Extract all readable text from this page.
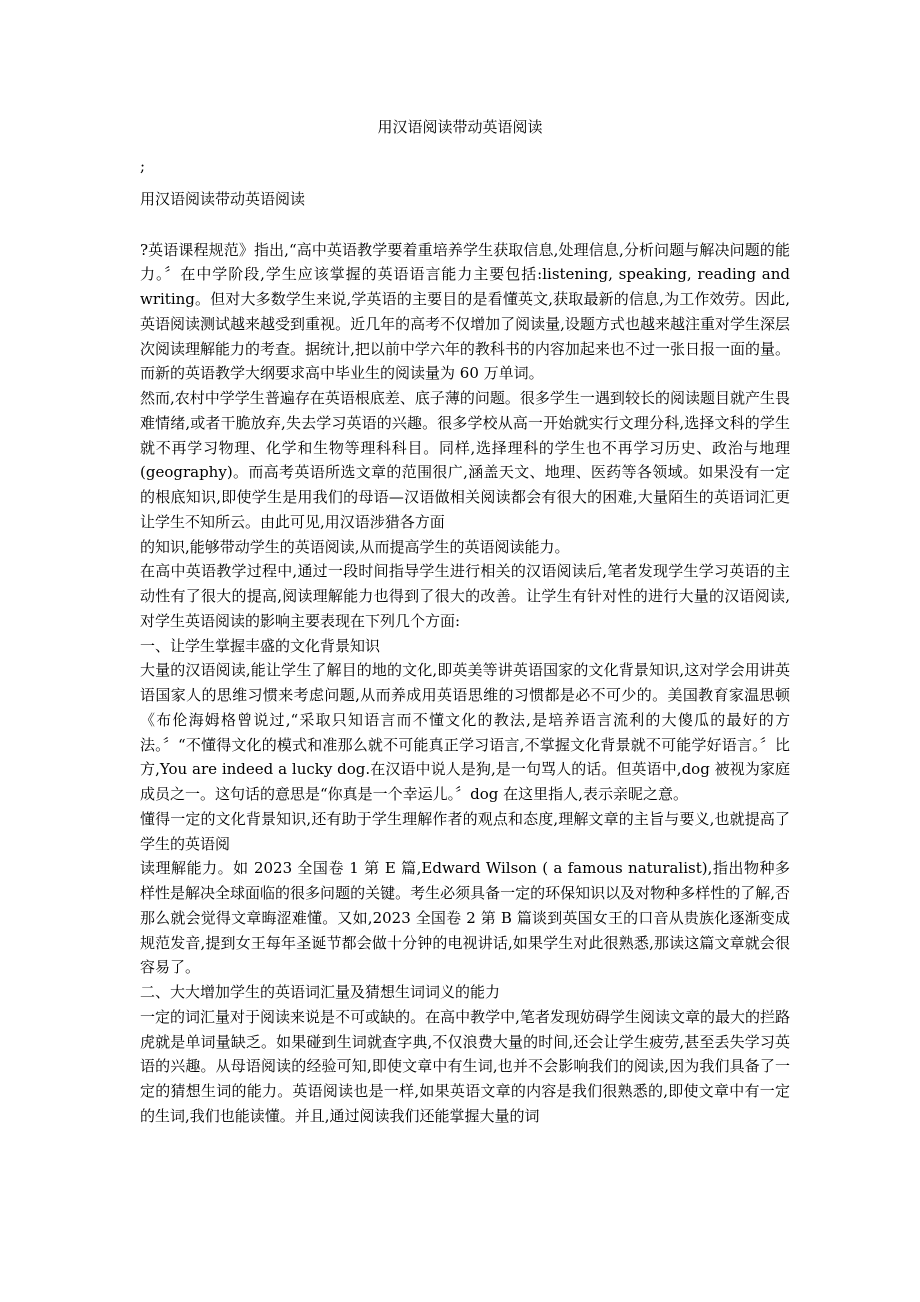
用汉语阅读带动英语阅读

;

用汉语阅读带动英语阅读

?英语课程规范》指出,“高中英语教学要着重培养学生获取信息,处理信息,分析问题与解决问题的能力。〞在中学阶段,学生应该掌握的英语语言能力主要包括:listening, speaking, reading and writing。但对大多数学生来说,学英语的主要目的是看懂英文,获取最新的信息,为工作效劳。因此,英语阅读测试越来越受到重视。近几年的高考不仅增加了阅读量,设题方式也越来越注重对学生深层次阅读理解能力的考查。据统计,把以前中学六年的教科书的内容加起来也不过一张日报一面的量。而新的英语教学大纲要求高中毕业生的阅读量为 60 万单词。

然而,农村中学学生普遍存在英语根底差、底子薄的问题。很多学生一遇到较长的阅读题目就产生畏难情绪,或者干脆放弃,失去学习英语的兴趣。很多学校从高一开始就实行文理分科,选择文科的学生就不再学习物理、化学和生物等理科科目。同样,选择理科的学生也不再学习历史、政治与地理(geography)。而高考英语所选文章的范围很广,涵盖天文、地理、医药等各领域。如果没有一定的根底知识,即使学生是用我们的母语—汉语做相关阅读都会有很大的困难,大量陌生的英语词汇更让学生不知所云。由此可见,用汉语涉猎各方面

的知识,能够带动学生的英语阅读,从而提高学生的英语阅读能力。

在高中英语教学过程中,通过一段时间指导学生进行相关的汉语阅读后,笔者发现学生学习英语的主动性有了很大的提高,阅读理解能力也得到了很大的改善。让学生有针对性的进行大量的汉语阅读,对学生英语阅读的影响主要表现在下列几个方面:

一、让学生掌握丰盛的文化背景知识

大量的汉语阅读,能让学生了解目的地的文化,即英美等讲英语国家的文化背景知识,这对学会用讲英语国家人的思维习惯来考虑问题,从而养成用英语思维的习惯都是必不可少的。美国教育家温思顿《布伦海姆格曾说过,“采取只知语言而不懂文化的教法,是培养语言流利的大傻瓜的最好的方法。〞“不懂得文化的模式和准那么就不可能真正学习语言,不掌握文化背景就不可能学好语言。〞比方,You are indeed a lucky dog.在汉语中说人是狗,是一句骂人的话。但英语中,dog 被视为家庭成员之一。这句话的意思是“你真是一个幸运儿。〞dog 在这里指人,表示亲昵之意。

懂得一定的文化背景知识,还有助于学生理解作者的观点和态度,理解文章的主旨与要义,也就提高了学生的英语阅

读理解能力。如 2023 全国卷 1 第 E 篇,Edward Wilson ( a famous naturalist),指出物种多样性是解决全球面临的很多问题的关键。考生必须具备一定的环保知识以及对物种多样性的了解,否那么就会觉得文章晦涩难懂。又如,2023 全国卷 2 第 B 篇谈到英国女王的口音从贵族化逐渐变成规范发音,提到女王每年圣诞节都会做十分钟的电视讲话,如果学生对此很熟悉,那读这篇文章就会很容易了。

二、大大增加学生的英语词汇量及猜想生词词义的能力

一定的词汇量对于阅读来说是不可或缺的。在高中教学中,笔者发现妨碍学生阅读文章的最大的拦路虎就是单词量缺乏。如果碰到生词就查字典,不仅浪费大量的时间,还会让学生疲劳,甚至丢失学习英语的兴趣。从母语阅读的经验可知,即使文章中有生词,也并不会影响我们的阅读,因为我们具备了一定的猜想生词的能力。英语阅读也是一样,如果英语文章的内容是我们很熟悉的,即使文章中有一定的生词,我们也能读懂。并且,通过阅读我们还能掌握大量的词
